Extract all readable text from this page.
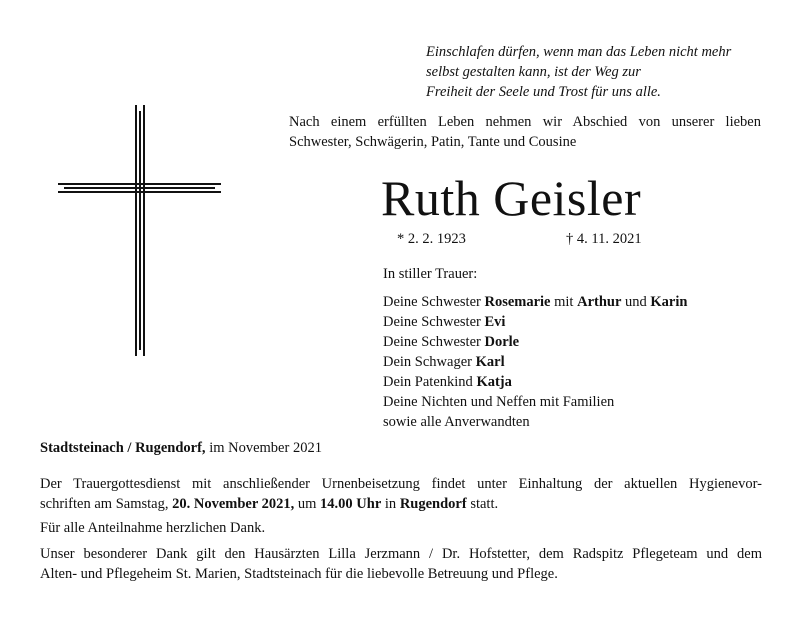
Einschlafen dürfen, wenn man das Leben nicht mehr
selbst gestalten kann, ist der Weg zur
Freiheit der Seele und Trost für uns alle.
Nach einem erfüllten Leben nehmen wir Abschied von unserer lieben
Schwester, Schwägerin, Patin, Tante und Cousine
Ruth Geisler
* 2. 2. 1923	† 4. 11. 2021
In stiller Trauer:
Deine Schwester Rosemarie mit Arthur und Karin
Deine Schwester Evi
Deine Schwester Dorle
Dein Schwager Karl
Dein Patenkind Katja
Deine Nichten und Neffen mit Familien
sowie alle Anverwandten
Stadtsteinach / Rugendorf, im November 2021
Der Trauergottesdienst mit anschließender Urnenbeisetzung findet unter Einhaltung der aktuellen Hygienevor-
schriften am Samstag, 20. November 2021, um 14.00 Uhr in Rugendorf statt.
Für alle Anteilnahme herzlichen Dank.
Unser besonderer Dank gilt den Hausärzten Lilla Jerzmann / Dr. Hofstetter, dem Radspitz Pflegeteam und dem
Alten- und Pflegeheim St. Marien, Stadtsteinach für die liebevolle Betreuung und Pflege.
